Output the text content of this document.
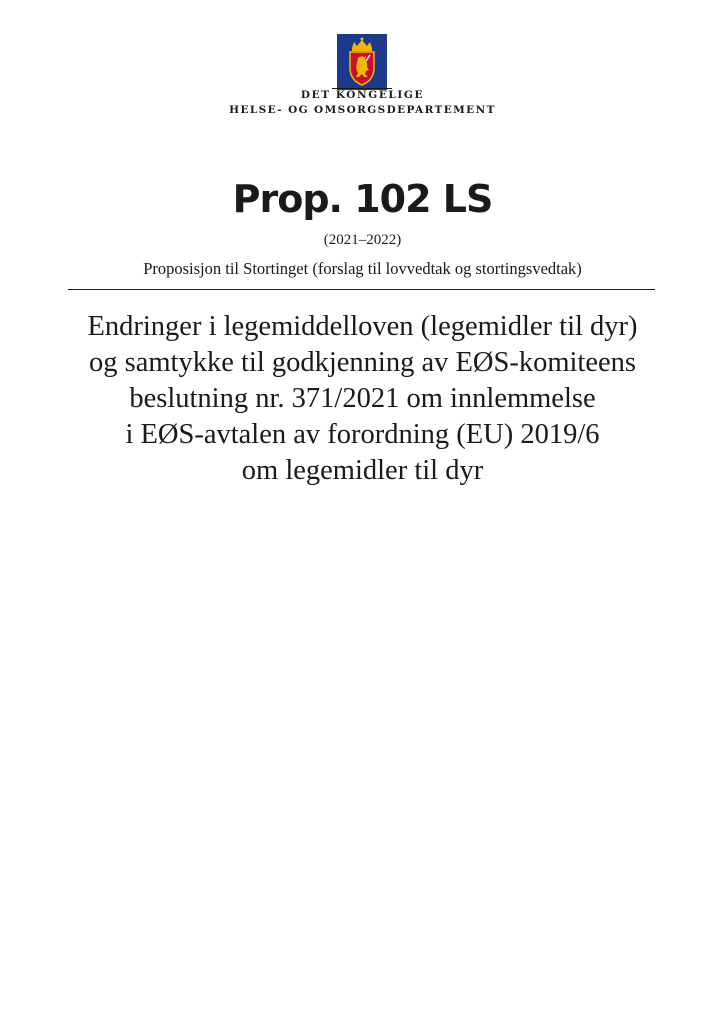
DET KONGELIGE
HELSE- OG OMSORGSDEPARTEMENT
Prop. 102 LS
(2021–2022)
Proposisjon til Stortinget (forslag til lovvedtak og stortingsvedtak)
Endringer i legemiddelloven (legemidler til dyr)
og samtykke til godkjenning av EØS-komiteens
beslutning nr. 371/2021 om innlemmelse
i EØS-avtalen av forordning (EU) 2019/6
om legemidler til dyr
